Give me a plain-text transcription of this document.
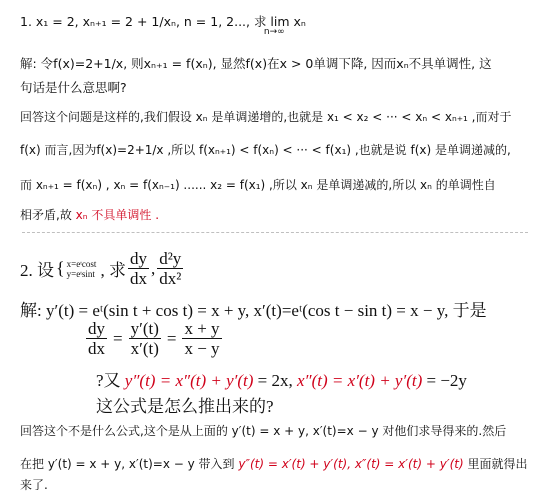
1. x₁ = 2, xₙ₊₁ = 2 + 1/xₙ, n = 1, 2..., 求 lim xₙ n→∞
解: 令f(x)=2+1/x, 则xₙ₊₁ = f(xₙ), 显然f(x)在x > 0单调下降, 因而xₙ不具单调性, 这
句话是什么意思啊?
回答这个问题是这样的,我们假设 xₙ 是单调递增的,也就是 x₁ < x₂ < ··· < xₙ < xₙ₊₁ ,而对于
f(x) 而言,因为f(x)=2+1/x ,所以 f(xₙ₊₁) < f(xₙ) < ··· < f(x₁) ,也就是说 f(x) 是单调递减的,
而 xₙ₊₁ = f(xₙ) , xₙ = f(xₙ₋₁) ...... x₂ = f(x₁) ,所以 xₙ 是单调递减的,所以 xₙ 的单调性自
相矛盾,故 xₙ 不具单调性 .
2. 设 { x=eᵗcost
y=eᵗsint , 求 $\frac{dy}{dx}$ , $\frac{\text{d²y}}{\text{dx²}}$
解: y′(t) = eᵗ(sin t + cos t) = x + y, x′(t)=eᵗ(cos t − sin t) = x − y, 于是
$\frac{dy}{dx} = \frac{y'(t)}{x'(t)} = \frac{x + y}{x - y}$
?又 y″(t) = x″(t) + y′(t) = 2x, x″(t) = x′(t) + y′(t) = −2y
这公式是怎么推出来的?
回答这个不是什么公式,这个是从上面的 y′(t) = x + y, x′(t)=x − y 对他们求导得来的.然后
在把 y′(t) = x + y, x′(t)=x − y 带入到 y″(t) = x′(t) + y′(t), x″(t) = x′(t) + y′(t) 里面就得出
来了.
